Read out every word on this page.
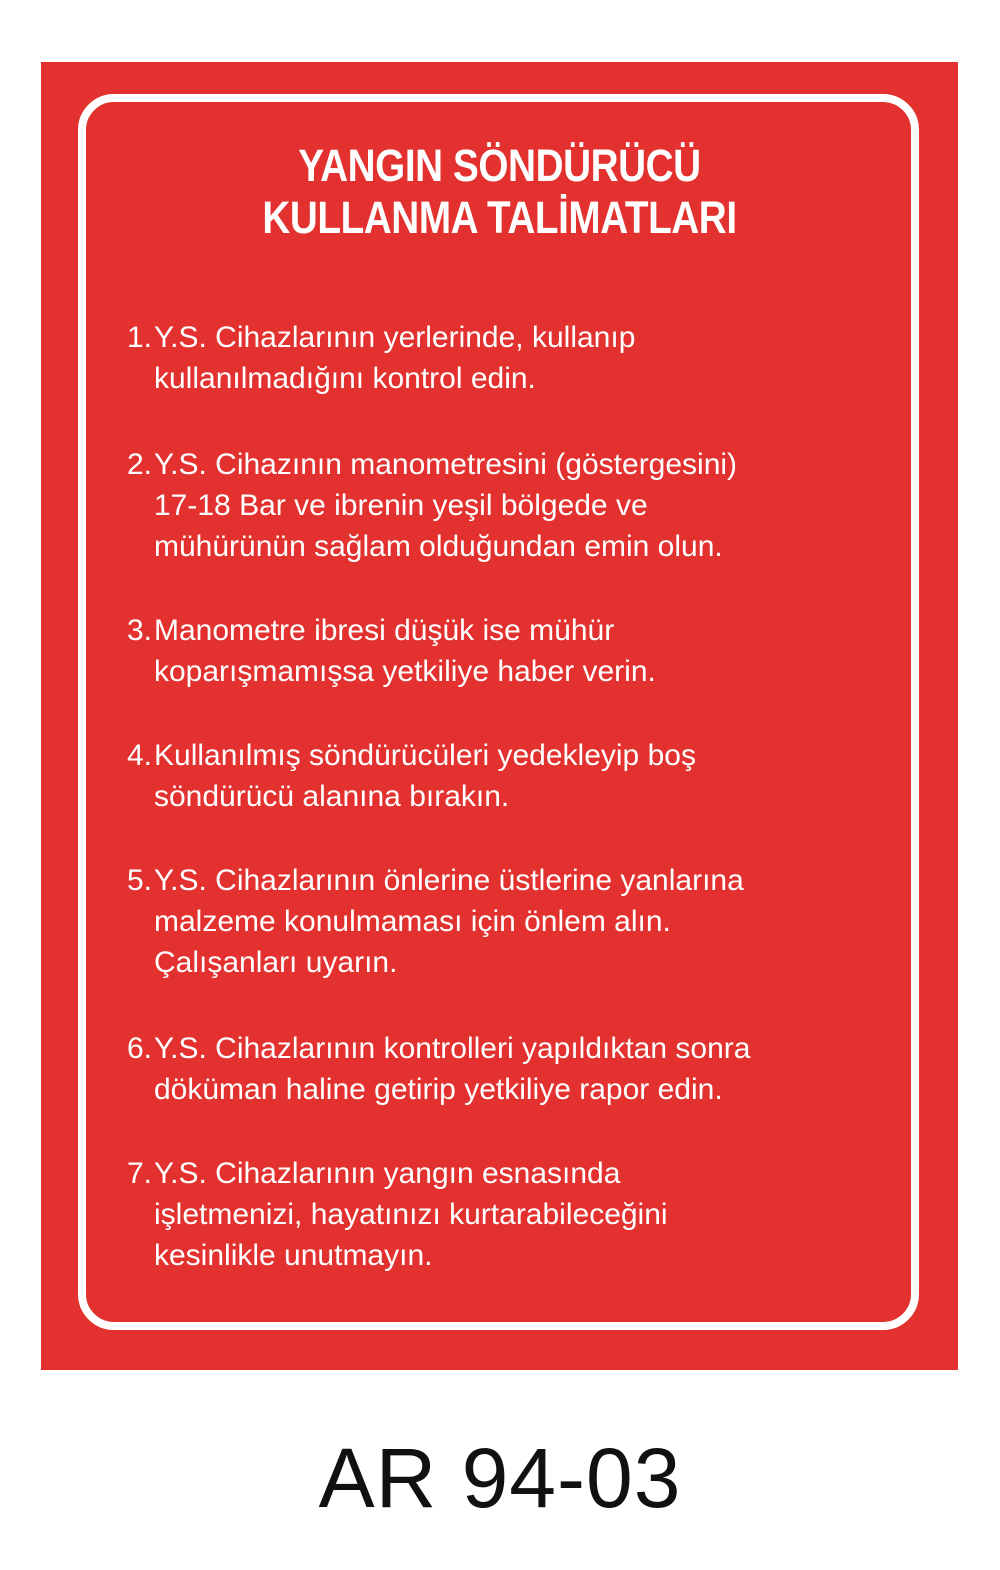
YANGIN SÖNDÜRÜCÜ
KULLANMA TALİMATLARI
1. Y.S. Cihazlarının yerlerinde, kullanıp
kullanılmadığını kontrol edin.
2. Y.S. Cihazının manometresini (göstergesini)
17-18 Bar ve ibrenin yeşil bölgede ve
mühürünün sağlam olduğundan emin olun.
3. Manometre ibresi düşük ise mühür
koparışmamışsa yetkiliye haber verin.
4. Kullanılmış söndürücüleri yedekleyip boş
söndürücü alanına bırakın.
5. Y.S. Cihazlarının önlerine üstlerine yanlarına
malzeme konulmaması için önlem alın.
Çalışanları uyarın.
6. Y.S. Cihazlarının kontrolleri yapıldıktan sonra
döküman haline getirip yetkiliye rapor edin.
7. Y.S. Cihazlarının yangın esnasında
işletmenizi, hayatınızı kurtarabileceğini
kesinlikle unutmayın.
AR 94-03
